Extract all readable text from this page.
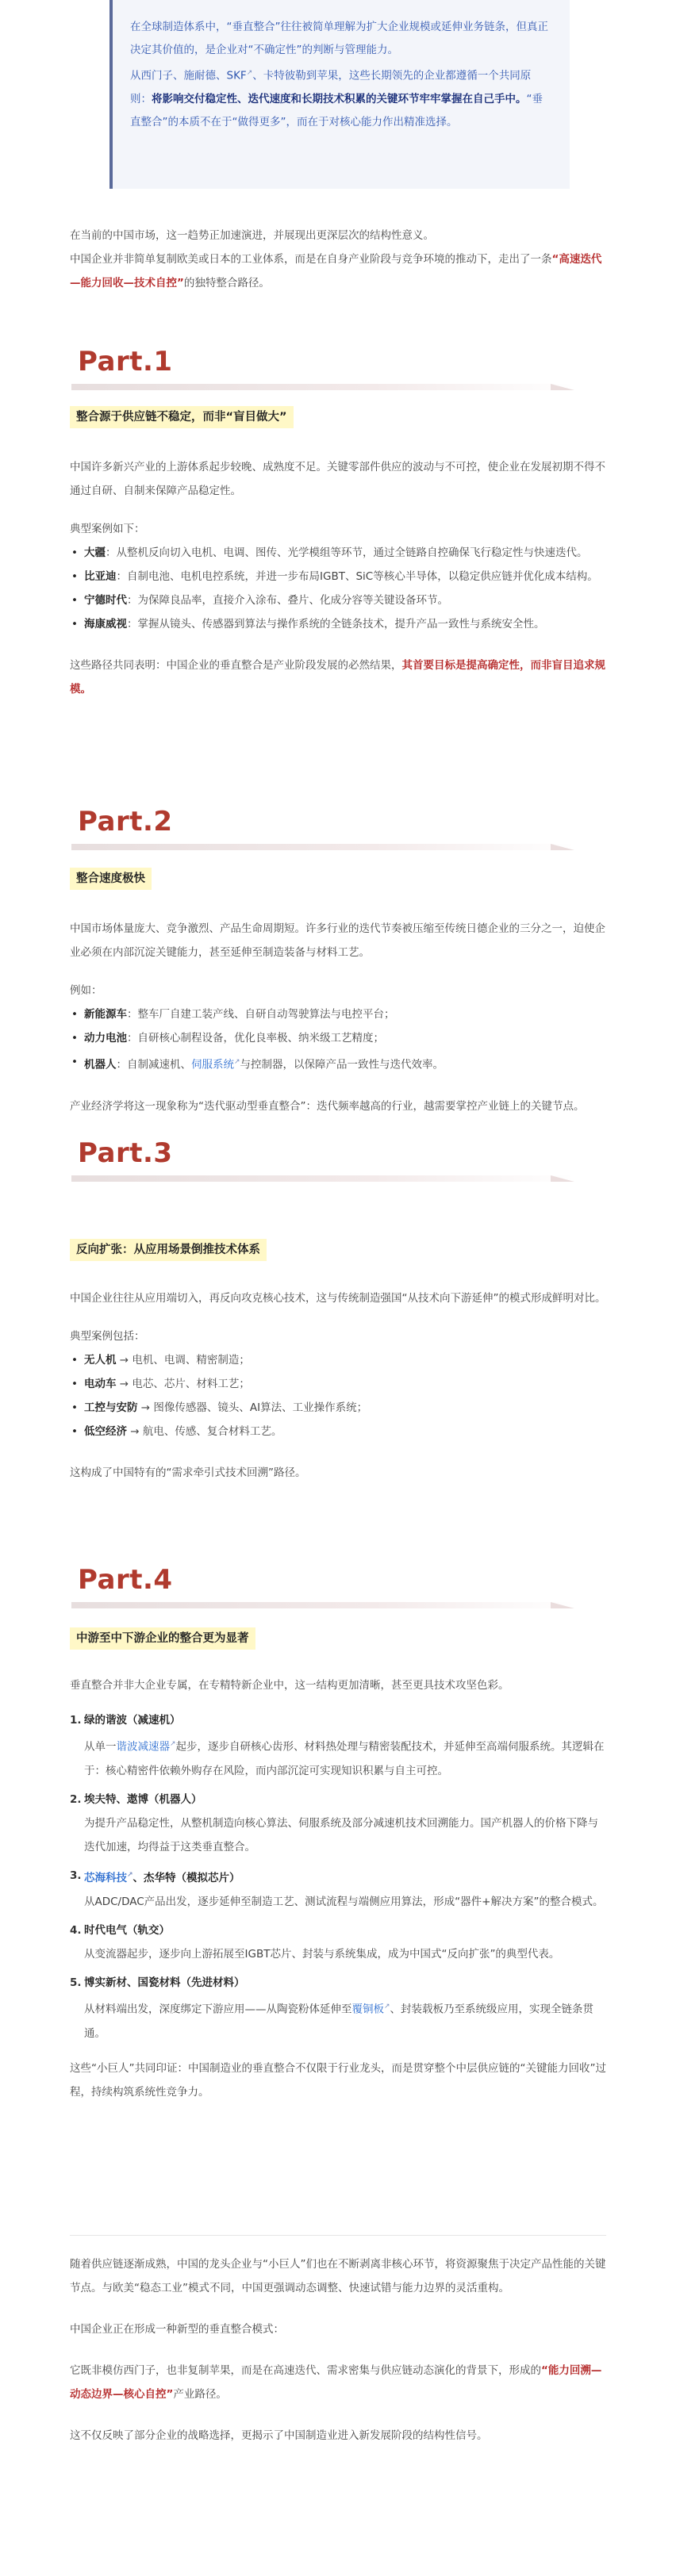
在全球制造体系中，“垂直整合”往往被简单理解为扩大企业规模或延伸业务链条，但真正决定其价值的，是企业对“不确定性”的判断与管理能力。

从西门子、施耐德、SKF↗、卡特彼勒到苹果，这些长期领先的企业都遵循一个共同原则：将影响交付稳定性、迭代速度和长期技术积累的关键环节牢牢掌握在自己手中。“垂直整合”的本质不在于“做得更多”，而在于对核心能力作出精准选择。

在当前的中国市场，这一趋势正加速演进，并展现出更深层次的结构性意义。

中国企业并非简单复制欧美或日本的工业体系，而是在自身产业阶段与竞争环境的推动下，走出了一条“高速迭代—能力回收—技术自控”的独特整合路径。

Part.1
整合源于供应链不稳定，而非“盲目做大”

中国许多新兴产业的上游体系起步较晚、成熟度不足。关键零部件供应的波动与不可控，使企业在发展初期不得不通过自研、自制来保障产品稳定性。

典型案例如下：

• 大疆：从整机反向切入电机、电调、图传、光学模组等环节，通过全链路自控确保飞行稳定性与快速迭代。
• 比亚迪：自制电池、电机电控系统，并进一步布局IGBT、SiC等核心半导体，以稳定供应链并优化成本结构。
• 宁德时代：为保障良品率，直接介入涂布、叠片、化成分容等关键设备环节。
• 海康威视：掌握从镜头、传感器到算法与操作系统的全链条技术，提升产品一致性与系统安全性。

这些路径共同表明：中国企业的垂直整合是产业阶段发展的必然结果，其首要目标是提高确定性，而非盲目追求规模。

Part.2
整合速度极快

中国市场体量庞大、竞争激烈、产品生命周期短。许多行业的迭代节奏被压缩至传统日德企业的三分之一，迫使企业必须在内部沉淀关键能力，甚至延伸至制造装备与材料工艺。

例如：

• 新能源车：整车厂自建工装产线、自研自动驾驶算法与电控平台；
• 动力电池：自研核心制程设备，优化良率极、纳米级工艺精度；
• 机器人：自制减速机、伺服系统↗与控制器，以保障产品一致性与迭代效率。

产业经济学将这一现象称为“迭代驱动型垂直整合”：迭代频率越高的行业，越需要掌控产业链上的关键节点。

Part.3
反向扩张：从应用场景倒推技术体系

中国企业往往从应用端切入，再反向攻克核心技术，这与传统制造强国“从技术向下游延伸”的模式形成鲜明对比。

典型案例包括：

• 无人机 → 电机、电调、精密制造；
• 电动车 → 电芯、芯片、材料工艺；
• 工控与安防 → 图像传感器、镜头、AI算法、工业操作系统；
• 低空经济 → 航电、传感、复合材料工艺。

这构成了中国特有的“需求牵引式技术回溯”路径。

Part.4
中游至中下游企业的整合更为显著

垂直整合并非大企业专属，在专精特新企业中，这一结构更加清晰，甚至更具技术攻坚色彩。

1. 绿的谐波（减速机）
从单一谐波减速器↗起步，逐步自研核心齿形、材料热处理与精密装配技术，并延伸至高端伺服系统。其逻辑在于：核心精密件依赖外购存在风险，而内部沉淀可实现知识积累与自主可控。
2. 埃夫特、遨博（机器人）
为提升产品稳定性，从整机制造向核心算法、伺服系统及部分减速机技术回溯能力。国产机器人的价格下降与迭代加速，均得益于这类垂直整合。
3. 芯海科技↗、杰华特（模拟芯片）
从ADC/DAC产品出发，逐步延伸至制造工艺、测试流程与端侧应用算法，形成“器件+解决方案”的整合模式。
4. 时代电气（轨交）
从变流器起步，逐步向上游拓展至IGBT芯片、封装与系统集成，成为中国式“反向扩张”的典型代表。
5. 博实新材、国瓷材料（先进材料）
从材料端出发，深度绑定下游应用——从陶瓷粉体延伸至覆铜板↗、封装载板乃至系统级应用，实现全链条贯通。

这些“小巨人”共同印证：中国制造业的垂直整合不仅限于行业龙头，而是贯穿整个中层供应链的“关键能力回收”过程，持续构筑系统性竞争力。

随着供应链逐渐成熟，中国的龙头企业与“小巨人”们也在不断剥离非核心环节，将资源聚焦于决定产品性能的关键节点。与欧美“稳态工业”模式不同，中国更强调动态调整、快速试错与能力边界的灵活重构。

中国企业正在形成一种新型的垂直整合模式：

它既非模仿西门子，也非复制苹果，而是在高速迭代、需求密集与供应链动态演化的背景下，形成的“能力回溯—动态边界—核心自控”产业路径。

这不仅反映了部分企业的战略选择，更揭示了中国制造业进入新发展阶段的结构性信号。
